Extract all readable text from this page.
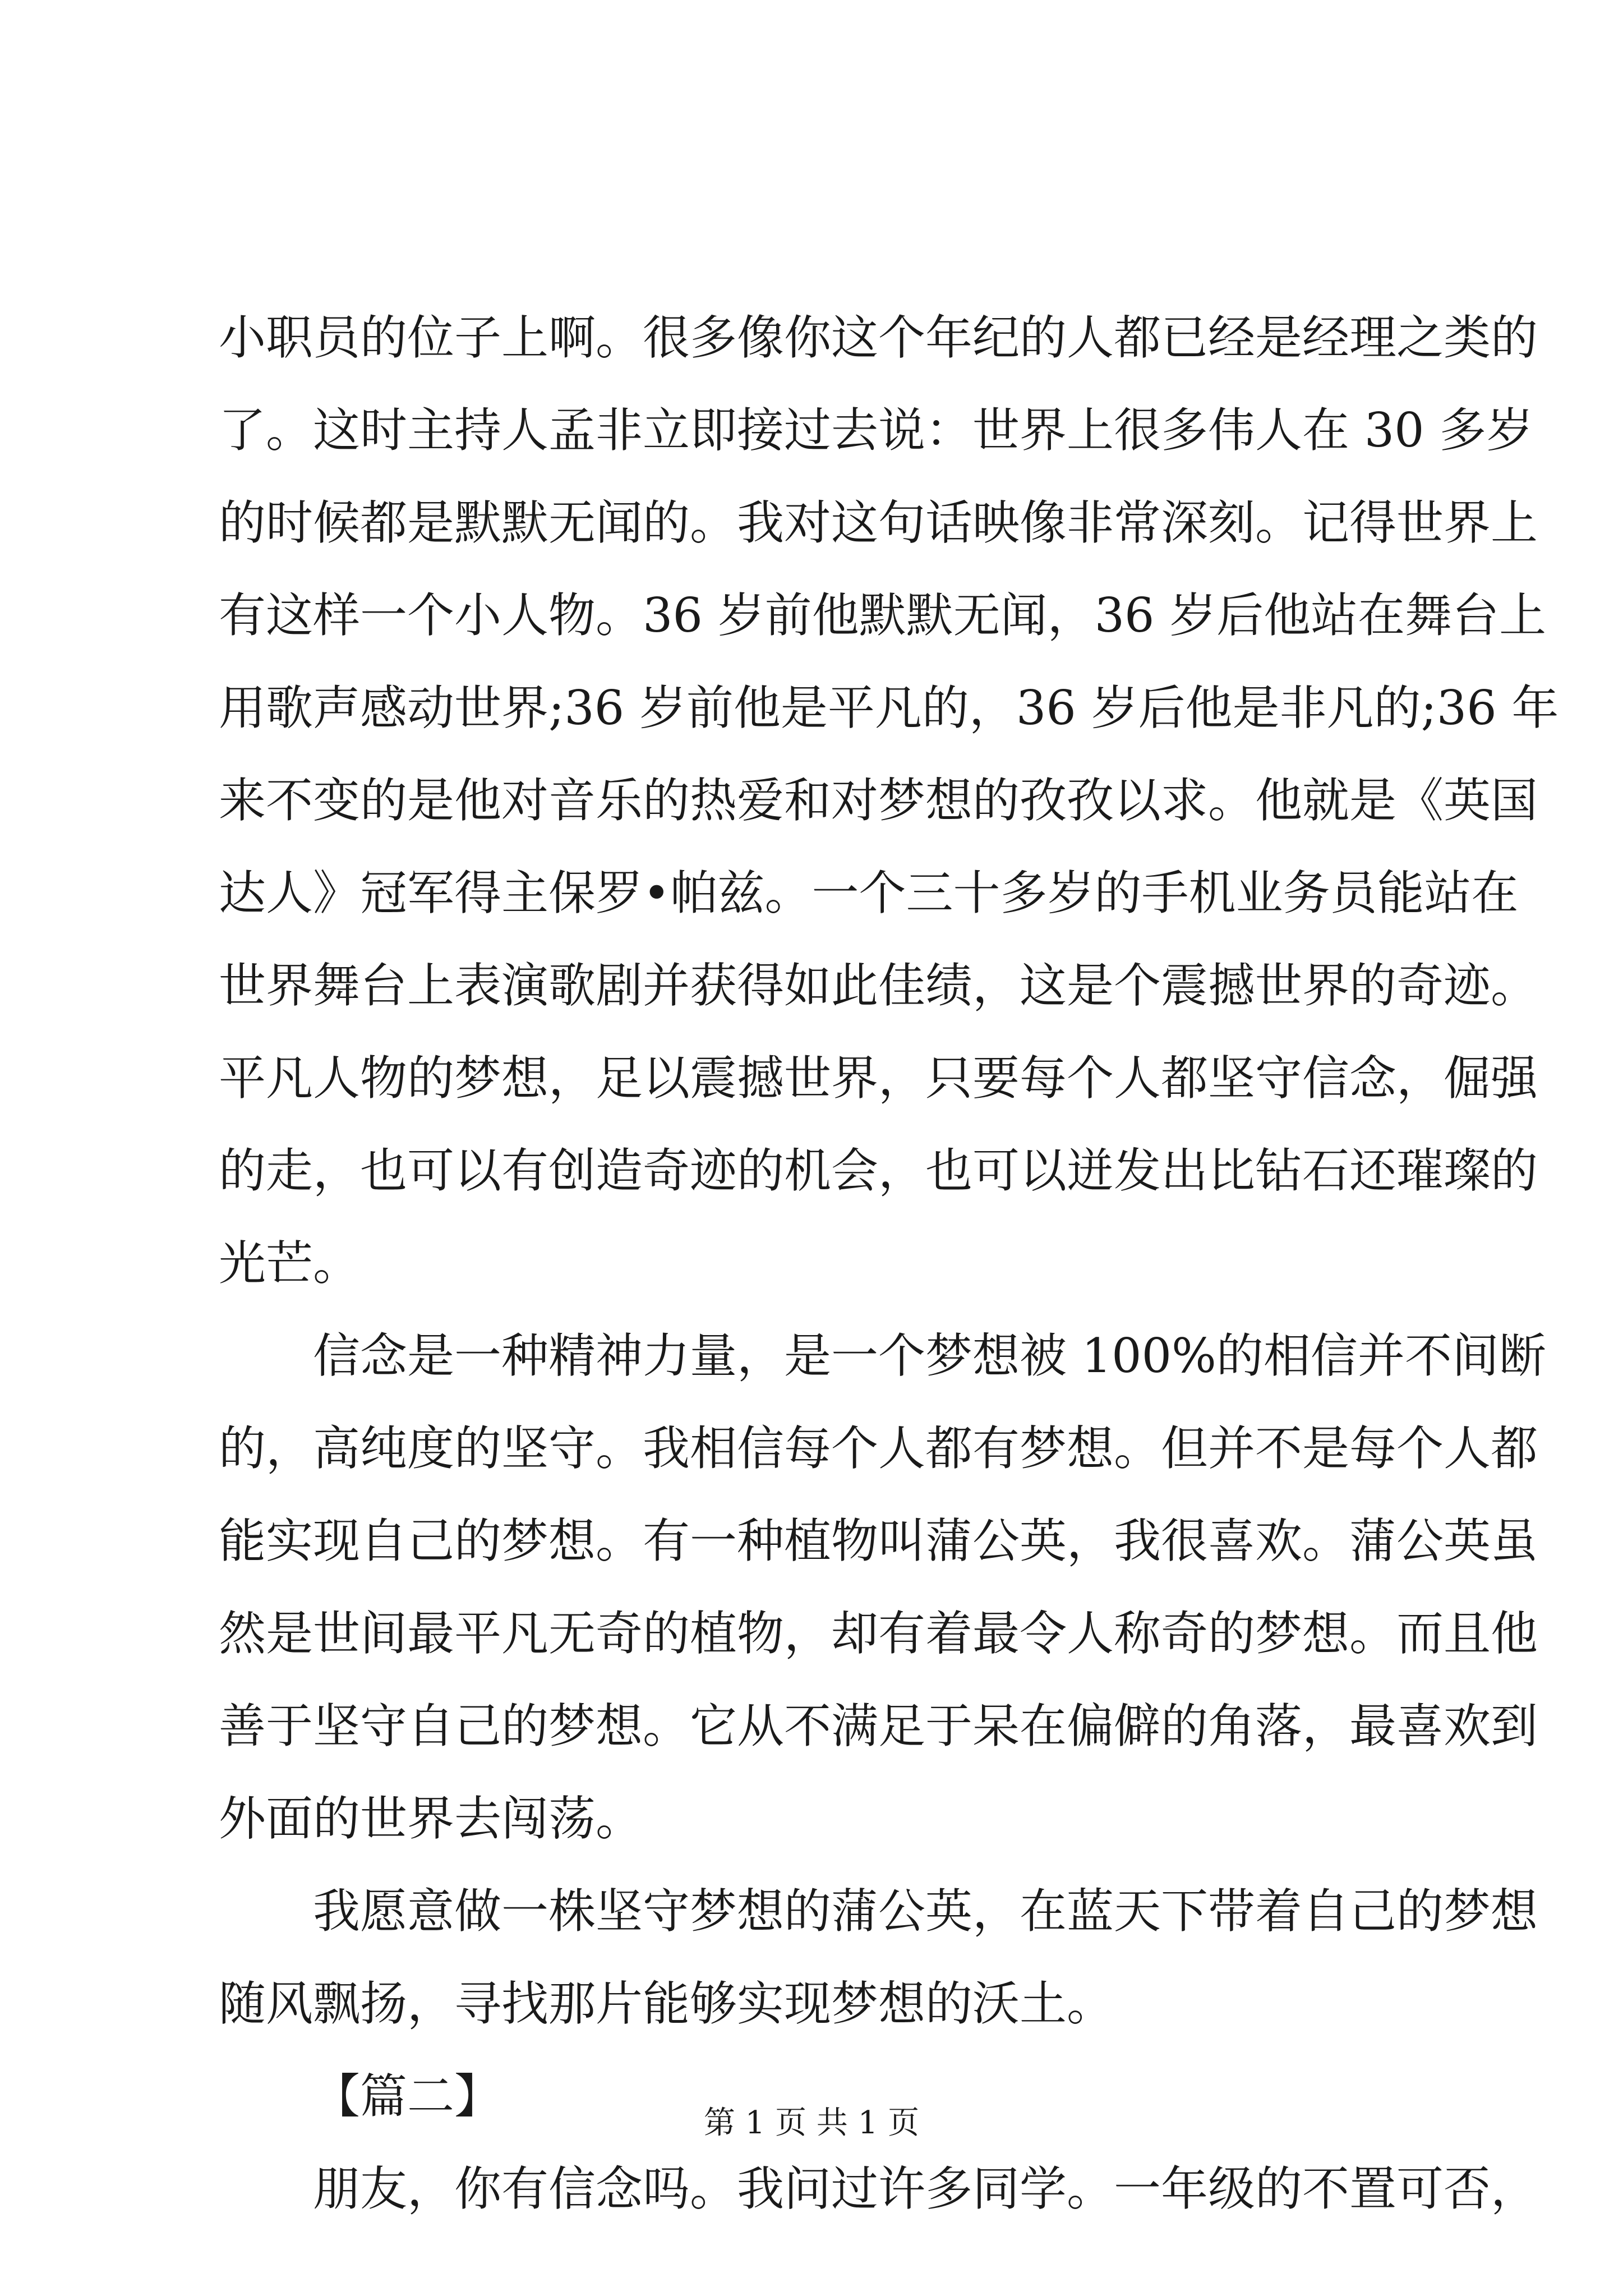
小职员的位子上啊。很多像你这个年纪的人都已经是经理之类的
了。这时主持人孟非立即接过去说：世界上很多伟人在 30 多岁
的时候都是默默无闻的。我对这句话映像非常深刻。记得世界上
有这样一个小人物。36 岁前他默默无闻，36 岁后他站在舞台上
用歌声感动世界;36 岁前他是平凡的，36 岁后他是非凡的;36 年
来不变的是他对音乐的热爱和对梦想的孜孜以求。他就是《英国
达人》冠军得主保罗•帕兹。一个三十多岁的手机业务员能站在
世界舞台上表演歌剧并获得如此佳绩，这是个震撼世界的奇迹。
平凡人物的梦想，足以震撼世界，只要每个人都坚守信念，倔强
的走，也可以有创造奇迹的机会，也可以迸发出比钻石还璀璨的
光芒。
信念是一种精神力量，是一个梦想被 100%的相信并不间断
的，高纯度的坚守。我相信每个人都有梦想。但并不是每个人都
能实现自己的梦想。有一种植物叫蒲公英，我很喜欢。蒲公英虽
然是世间最平凡无奇的植物，却有着最令人称奇的梦想。而且他
善于坚守自己的梦想。它从不满足于呆在偏僻的角落，最喜欢到
外面的世界去闯荡。
我愿意做一株坚守梦想的蒲公英，在蓝天下带着自己的梦想
随风飘扬，寻找那片能够实现梦想的沃土。
【篇二】
朋友，你有信念吗。我问过许多同学。一年级的不置可否，
第 1 页 共 1 页
